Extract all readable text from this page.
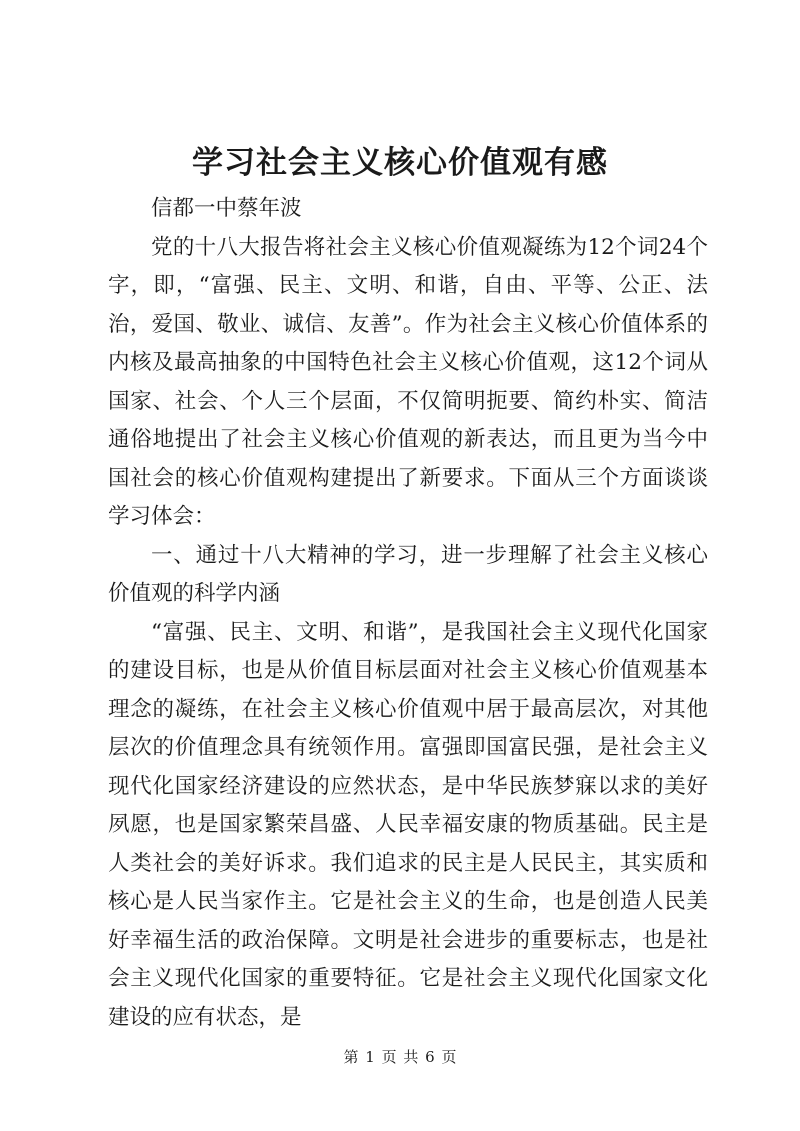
学习社会主义核心价值观有感

信都一中蔡年波

党的十八大报告将社会主义核心价值观凝练为12个词24个字，即，“富强、民主、文明、和谐，自由、平等、公正、法治，爱国、敬业、诚信、友善”。作为社会主义核心价值体系的内核及最高抽象的中国特色社会主义核心价值观，这12个词从国家、社会、个人三个层面，不仅简明扼要、简约朴实、简洁通俗地提出了社会主义核心价值观的新表达，而且更为当今中国社会的核心价值观构建提出了新要求。下面从三个方面谈谈学习体会：

一、通过十八大精神的学习，进一步理解了社会主义核心价值观的科学内涵

“富强、民主、文明、和谐”，是我国社会主义现代化国家的建设目标，也是从价值目标层面对社会主义核心价值观基本理念的凝练，在社会主义核心价值观中居于最高层次，对其他层次的价值理念具有统领作用。富强即国富民强，是社会主义现代化国家经济建设的应然状态，是中华民族梦寐以求的美好夙愿，也是国家繁荣昌盛、人民幸福安康的物质基础。民主是人类社会的美好诉求。我们追求的民主是人民民主，其实质和核心是人民当家作主。它是社会主义的生命，也是创造人民美好幸福生活的政治保障。文明是社会进步的重要标志，也是社会主义现代化国家的重要特征。它是社会主义现代化国家文化建设的应有状态，是

第 1 页 共 6 页
